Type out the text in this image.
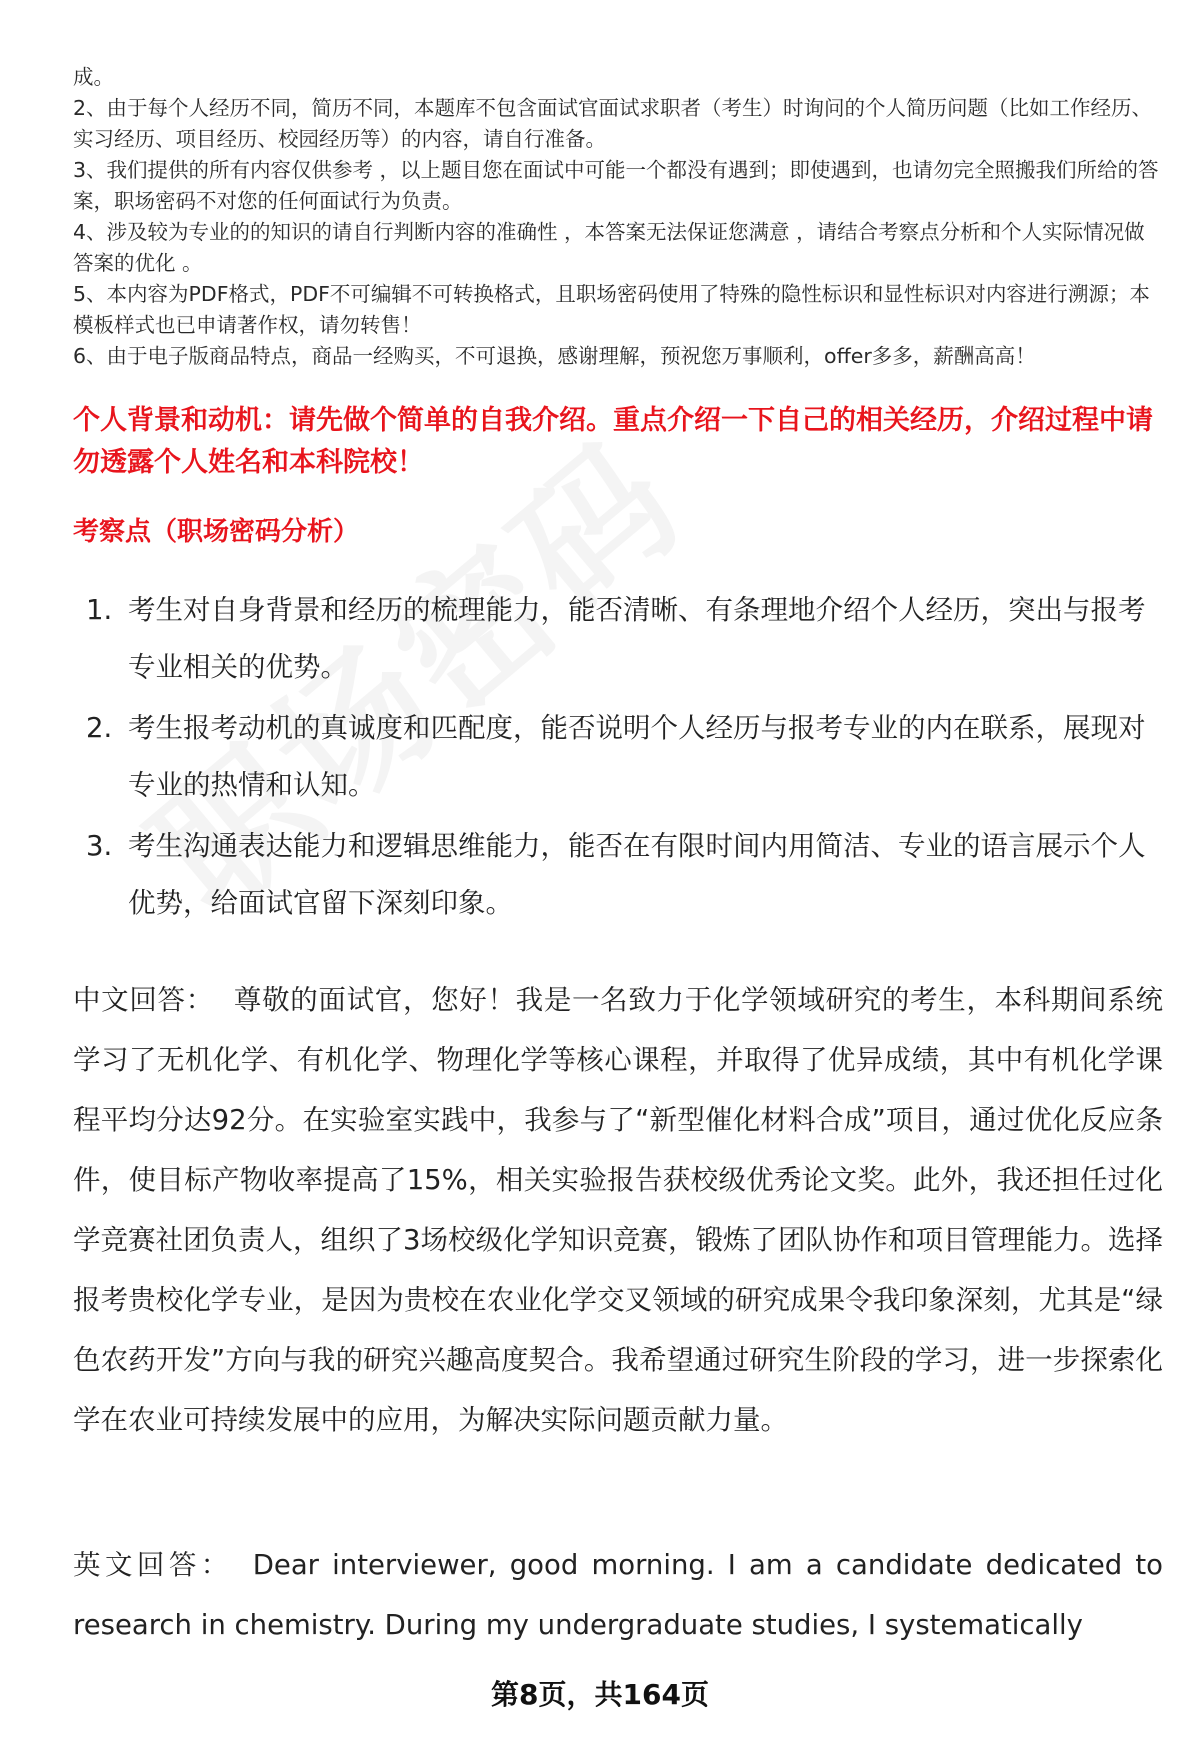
成。

2、由于每个人经历不同，简历不同，本题库不包含面试官面试求职者（考生）时询问的个人简历问题（比如工作经历、实习经历、项目经历、校园经历等）的内容，请自行准备。

3、我们提供的所有内容仅供参考 ，以上题目您在面试中可能一个都没有遇到；即使遇到，也请勿完全照搬我们所给的答案，职场密码不对您的任何面试行为负责。

4、涉及较为专业的的知识的请自行判断内容的准确性 ，本答案无法保证您满意 ，请结合考察点分析和个人实际情况做答案的优化 。

5、本内容为PDF格式，PDF不可编辑不可转换格式，且职场密码使用了特殊的隐性标识和显性标识对内容进行溯源；本模板样式也已申请著作权，请勿转售！

6、由于电子版商品特点，商品一经购买，不可退换，感谢理解，预祝您万事顺利，offer多多，薪酬高高！

个人背景和动机：请先做个简单的自我介绍。重点介绍一下自己的相关经历，介绍过程中请勿透露个人姓名和本科院校！
考察点（职场密码分析）
1. 考生对自身背景和经历的梳理能力，能否清晰、有条理地介绍个人经历，突出与报考专业相关的优势。
2. 考生报考动机的真诚度和匹配度，能否说明个人经历与报考专业的内在联系，展现对专业的热情和认知。
3. 考生沟通表达能力和逻辑思维能力，能否在有限时间内用简洁、专业的语言展示个人优势，给面试官留下深刻印象。

中文回答： 尊敬的面试官，您好！我是一名致力于化学领域研究的考生，本科期间系统学习了无机化学、有机化学、物理化学等核心课程，并取得了优异成绩，其中有机化学课程平均分达92分。在实验室实践中，我参与了“新型催化材料合成”项目，通过优化反应条件，使目标产物收率提高了15%，相关实验报告获校级优秀论文奖。此外，我还担任过化学竞赛社团负责人，组织了3场校级化学知识竞赛，锻炼了团队协作和项目管理能力。选择报考贵校化学专业，是因为贵校在农业化学交叉领域的研究成果令我印象深刻，尤其是“绿色农药开发”方向与我的研究兴趣高度契合。我希望通过研究生阶段的学习，进一步探索化学在农业可持续发展中的应用，为解决实际问题贡献力量。

英文回答： Dear interviewer, good morning. I am a candidate dedicated to research in chemistry. During my undergraduate studies, I systematically

第8页，共164页
